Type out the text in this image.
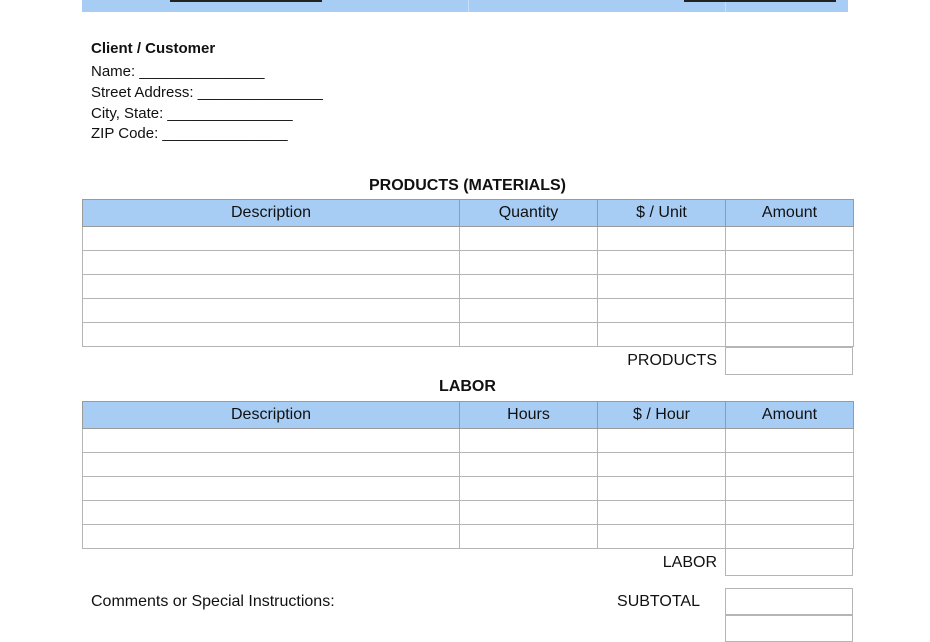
Client / Customer
Name: _______________
Street Address: _______________
City, State: _______________
ZIP Code: _______________
PRODUCTS (MATERIALS)
Description	Quantity	$ / Unit	Amount

PRODUCTS
LABOR
Description	Hours	$ / Hour	Amount

LABOR
Comments or Special Instructions:	SUBTOTAL
